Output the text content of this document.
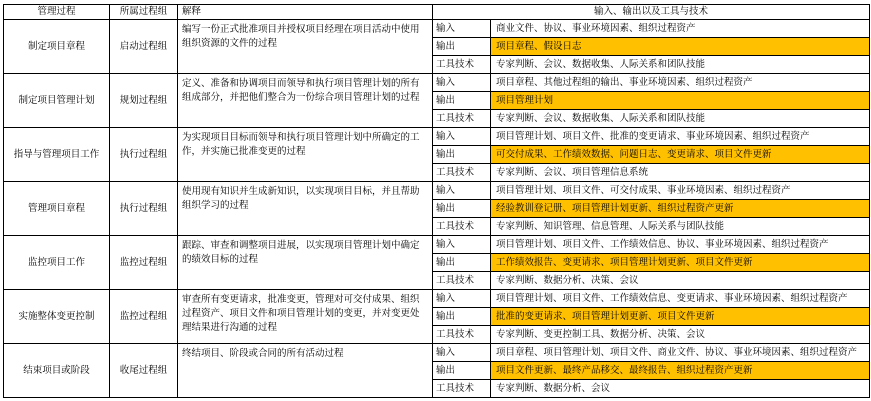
管理过程	所属过程组	解释	输入、输出以及工具与技术	
制定项目章程	启动过程组	编写一份正式批准项目并授权项目经理在项目活动中使用组织资源的文件的过程	输入	商业文件、协议、事业环境因素、组织过程资产
			输出	项目章程、假设日志
			工具技术	专家判断、会议、数据收集、人际关系和团队技能
制定项目管理计划	规划过程组	定义、准备和协调项目而领导和执行项目管理计划的所有组成部分，并把他们整合为一份综合项目管理计划的过程	输入	项目章程、其他过程组的输出、事业环境因素、组织过程资产
			输出	项目管理计划
			工具技术	专家判断、会议、数据收集、人际关系和团队技能
指导与管理项目工作	执行过程组	为实现项目目标而领导和执行项目管理计划中所确定的工作，并实施已批准变更的过程	输入	项目管理计划、项目文件、批准的变更请求、事业环境因素、组织过程资产
			输出	可交付成果、工作绩效数据、问题日志、变更请求、项目文件更新
			工具技术	专家判断、会议、项目管理信息系统
管理项目章程	执行过程组	使用现有知识并生成新知识，以实现项目目标，并且帮助组织学习的过程	输入	项目管理计划、项目文件、可交付成果、事业环境因素、组织过程资产
			输出	经验教训登记册、项目管理计划更新、组织过程资产更新
			工具技术	专家判断、知识管理、信息管理、人际关系与团队技能
监控项目工作	监控过程组	跟踪、审查和调整项目进展，以实现项目管理计划中确定的绩效目标的过程	输入	项目管理计划、项目文件、工作绩效信息、协议、事业环境因素、组织过程资产
			输出	工作绩效报告、变更请求、项目管理计划更新、项目文件更新
			工具技术	专家判断、数据分析、决策、会议
实施整体变更控制	监控过程组	审查所有变更请求，批准变更，管理对可交付成果、组织过程资产、项目文件和项目管理计划的变更，并对变更处理结果进行沟通的过程	输入	项目管理计划、项目文件、工作绩效信息、变更请求、事业环境因素、组织过程资产
			输出	批准的变更请求、项目管理计划更新、项目文件更新
			工具技术	专家判断、变更控制工具、数据分析、决策、会议
结束项目或阶段	收尾过程组	终结项目、阶段或合同的所有活动过程	输入	项目章程、项目管理计划、项目文件、商业文件、协议、事业环境因素、组织过程资产
			输出	项目文件更新、最终产品移交、最终报告、组织过程资产更新
			工具技术	专家判断、数据分析、会议
